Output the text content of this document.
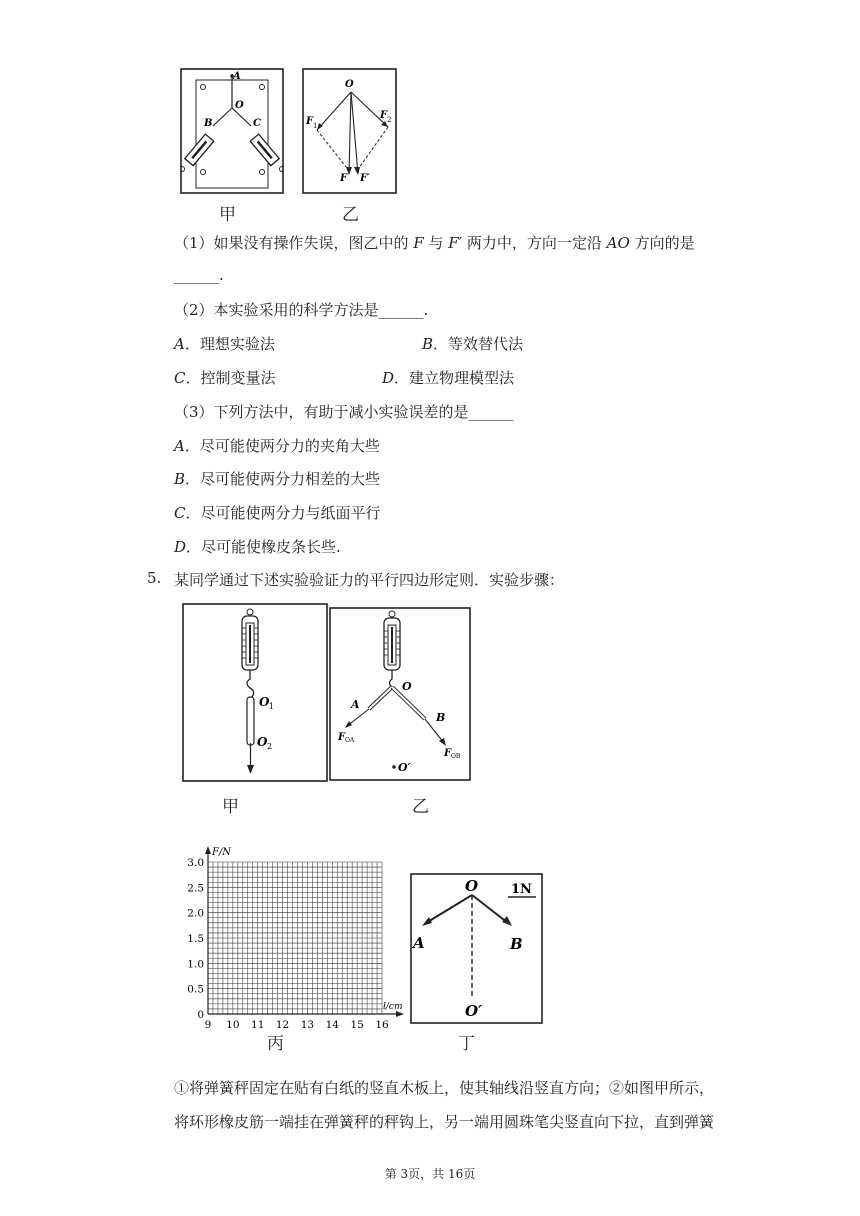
A
O
B	C
甲
O
F 1
F 2
F F′
乙
（1）如果没有操作失误，图乙中的 F 与 F′ 两力中，方向一定沿 AO 方向的是
______.
（2）本实验采用的科学方法是______.
A．理想实验法	B．等效替代法
C．控制变量法	D．建立物理模型法
（3）下列方法中，有助于减小实验误差的是______
A．尽可能使两分力的夹角大些
B．尽可能使两分力相差的大些
C．尽可能使两分力与纸面平行
D．尽可能使橡皮条长些.
5. 某同学通过下述实验验证力的平行四边形定则．实验步骤：
O 1
O 2
甲
O
A
B
F OA
F OB
O′
乙
F/N
l/cm
0
0.5
1.0
1.5
2.0
2.5
3.0
9 10 11 12 13 14 15 16
丙
1N
O
A	B
O′
丁
①将弹簧秤固定在贴有白纸的竖直木板上，使其轴线沿竖直方向；②如图甲所示，
将环形橡皮筋一端挂在弹簧秤的秤钩上，另一端用圆珠笔尖竖直向下拉，直到弹簧
第 3页，共 16页
